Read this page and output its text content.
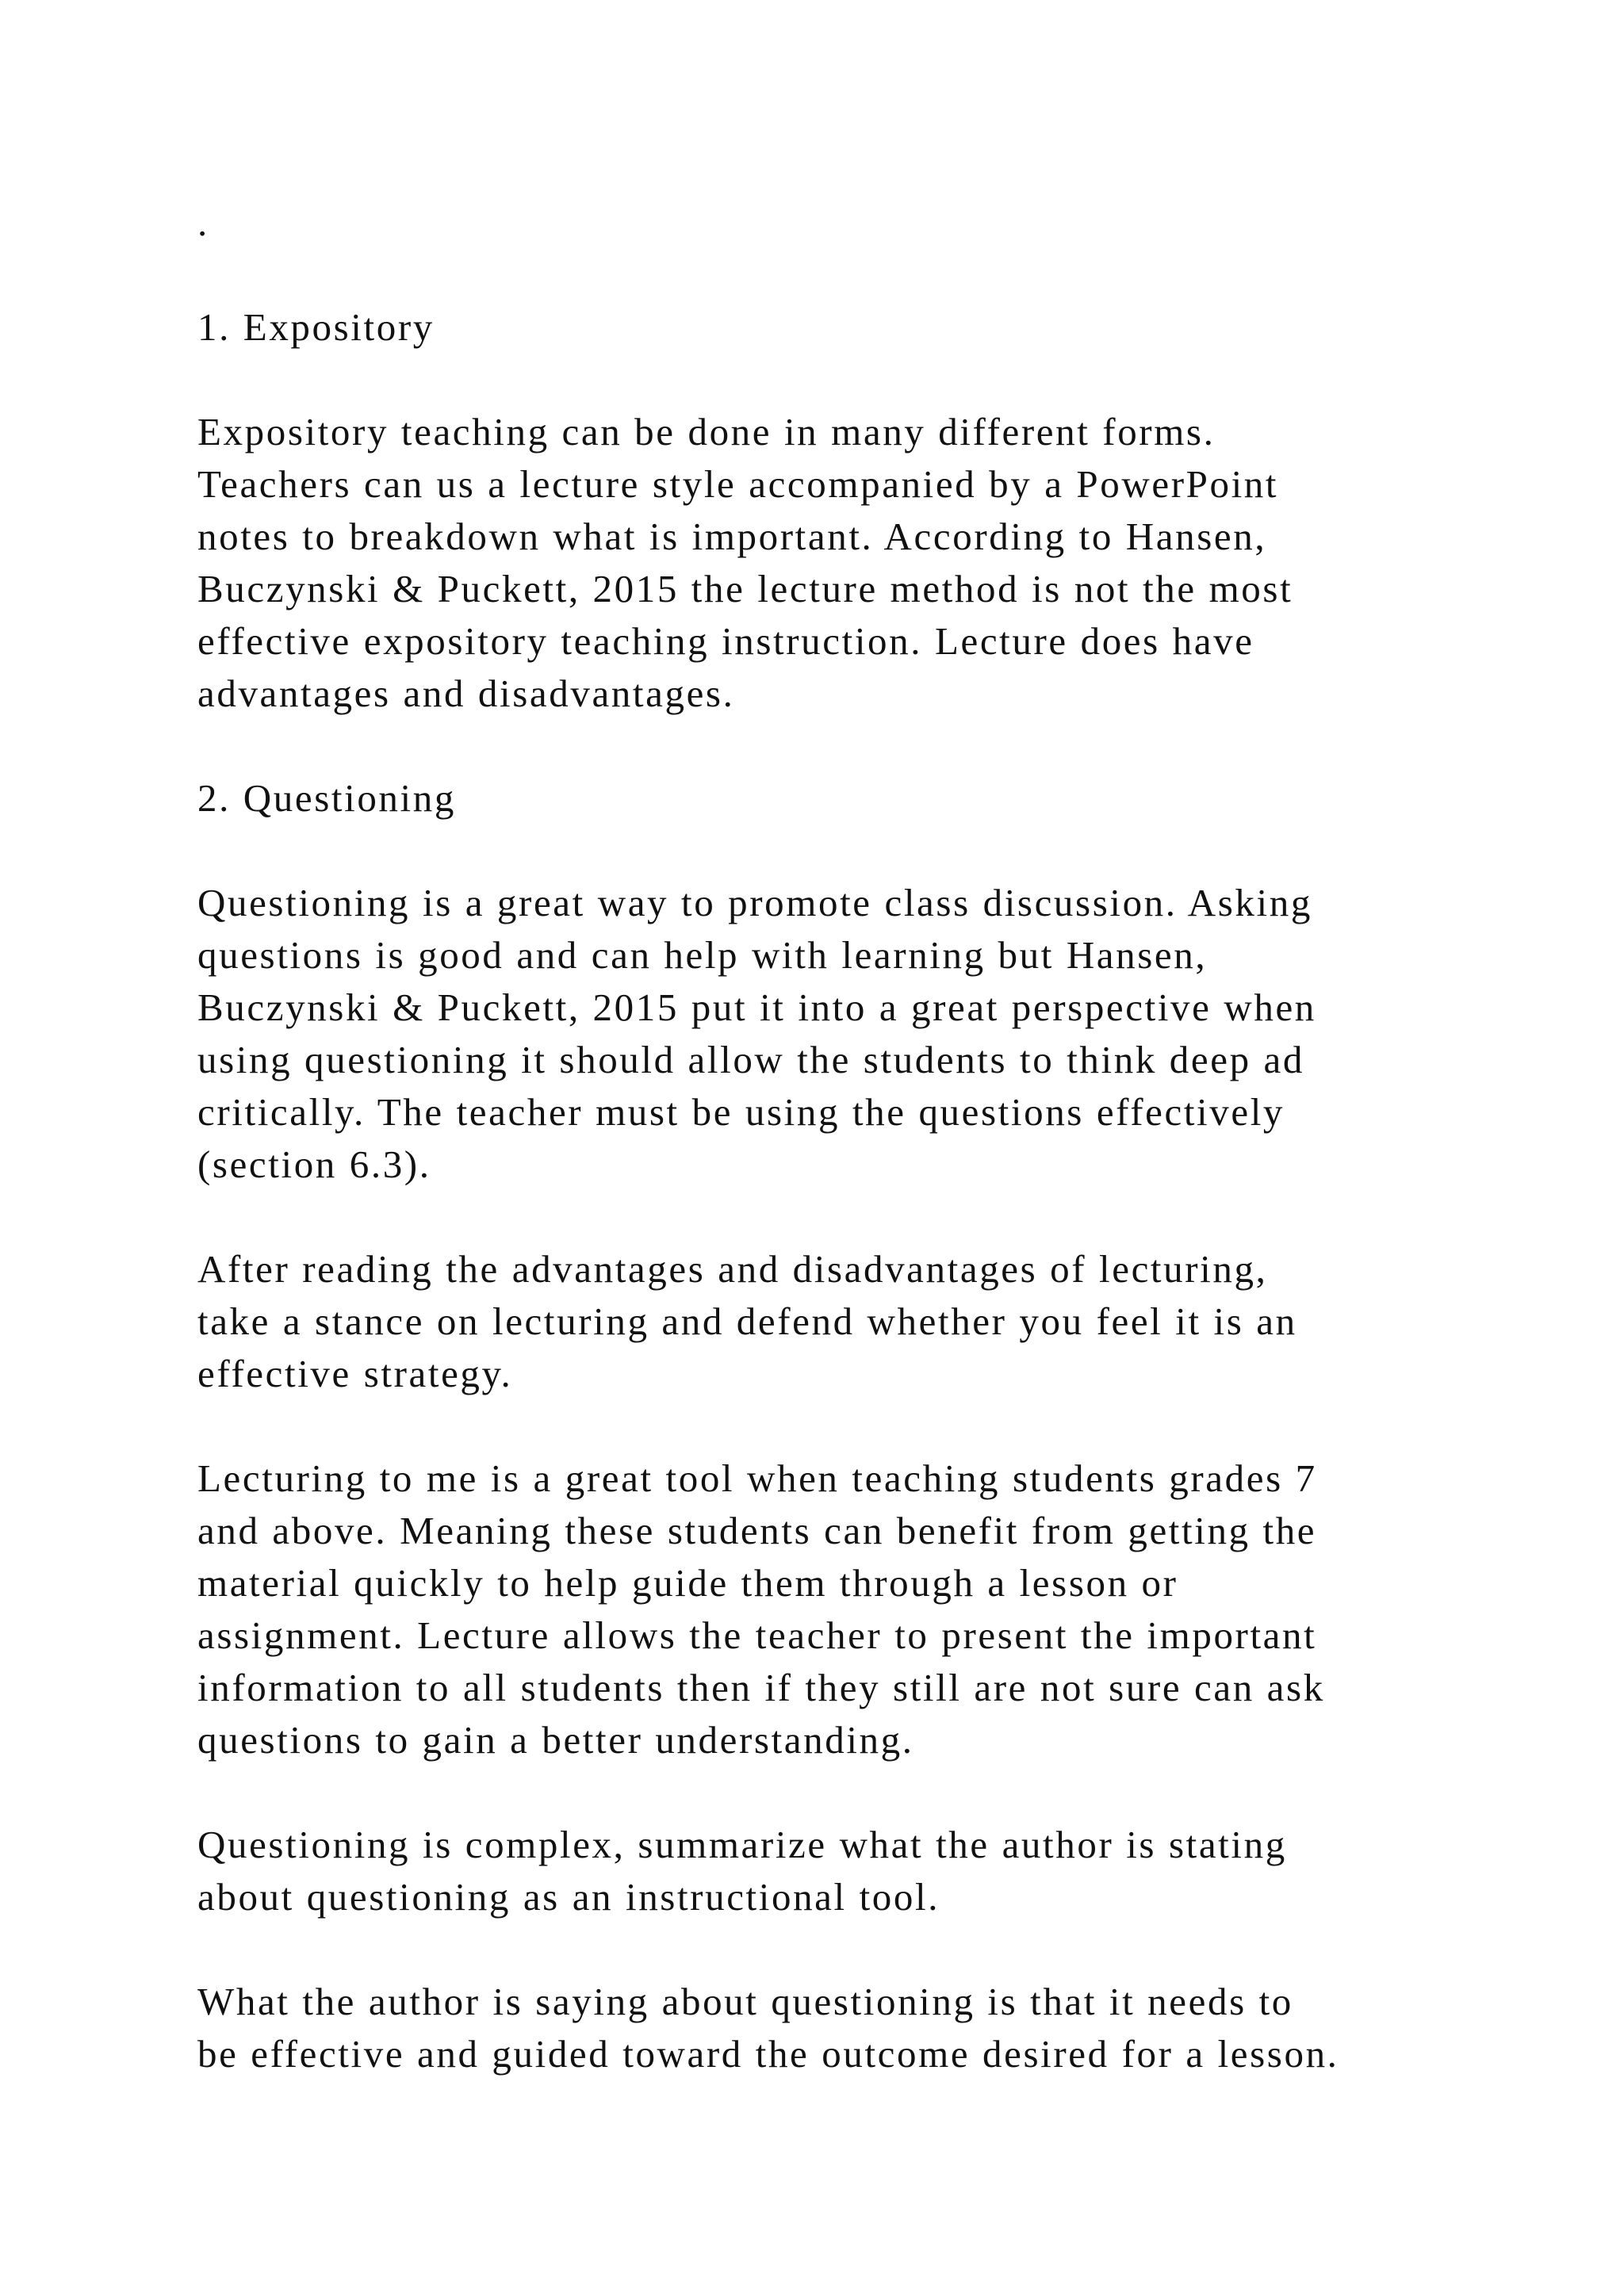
.
1. Expository
Expository teaching can be done in many different forms.
Teachers can us a lecture style accompanied by a PowerPoint
notes to breakdown what is important. According to Hansen,
Buczynski & Puckett, 2015 the lecture method is not the most
effective expository teaching instruction. Lecture does have
advantages and disadvantages.
2. Questioning
Questioning is a great way to promote class discussion. Asking
questions is good and can help with learning but Hansen,
Buczynski & Puckett, 2015 put it into a great perspective when
using questioning it should allow the students to think deep ad
critically. The teacher must be using the questions effectively
(section 6.3).
After reading the advantages and disadvantages of lecturing,
take a stance on lecturing and defend whether you feel it is an
effective strategy.
Lecturing to me is a great tool when teaching students grades 7
and above. Meaning these students can benefit from getting the
material quickly to help guide them through a lesson or
assignment. Lecture allows the teacher to present the important
information to all students then if they still are not sure can ask
questions to gain a better understanding.
Questioning is complex, summarize what the author is stating
about questioning as an instructional tool.
What the author is saying about questioning is that it needs to
be effective and guided toward the outcome desired for a lesson.
